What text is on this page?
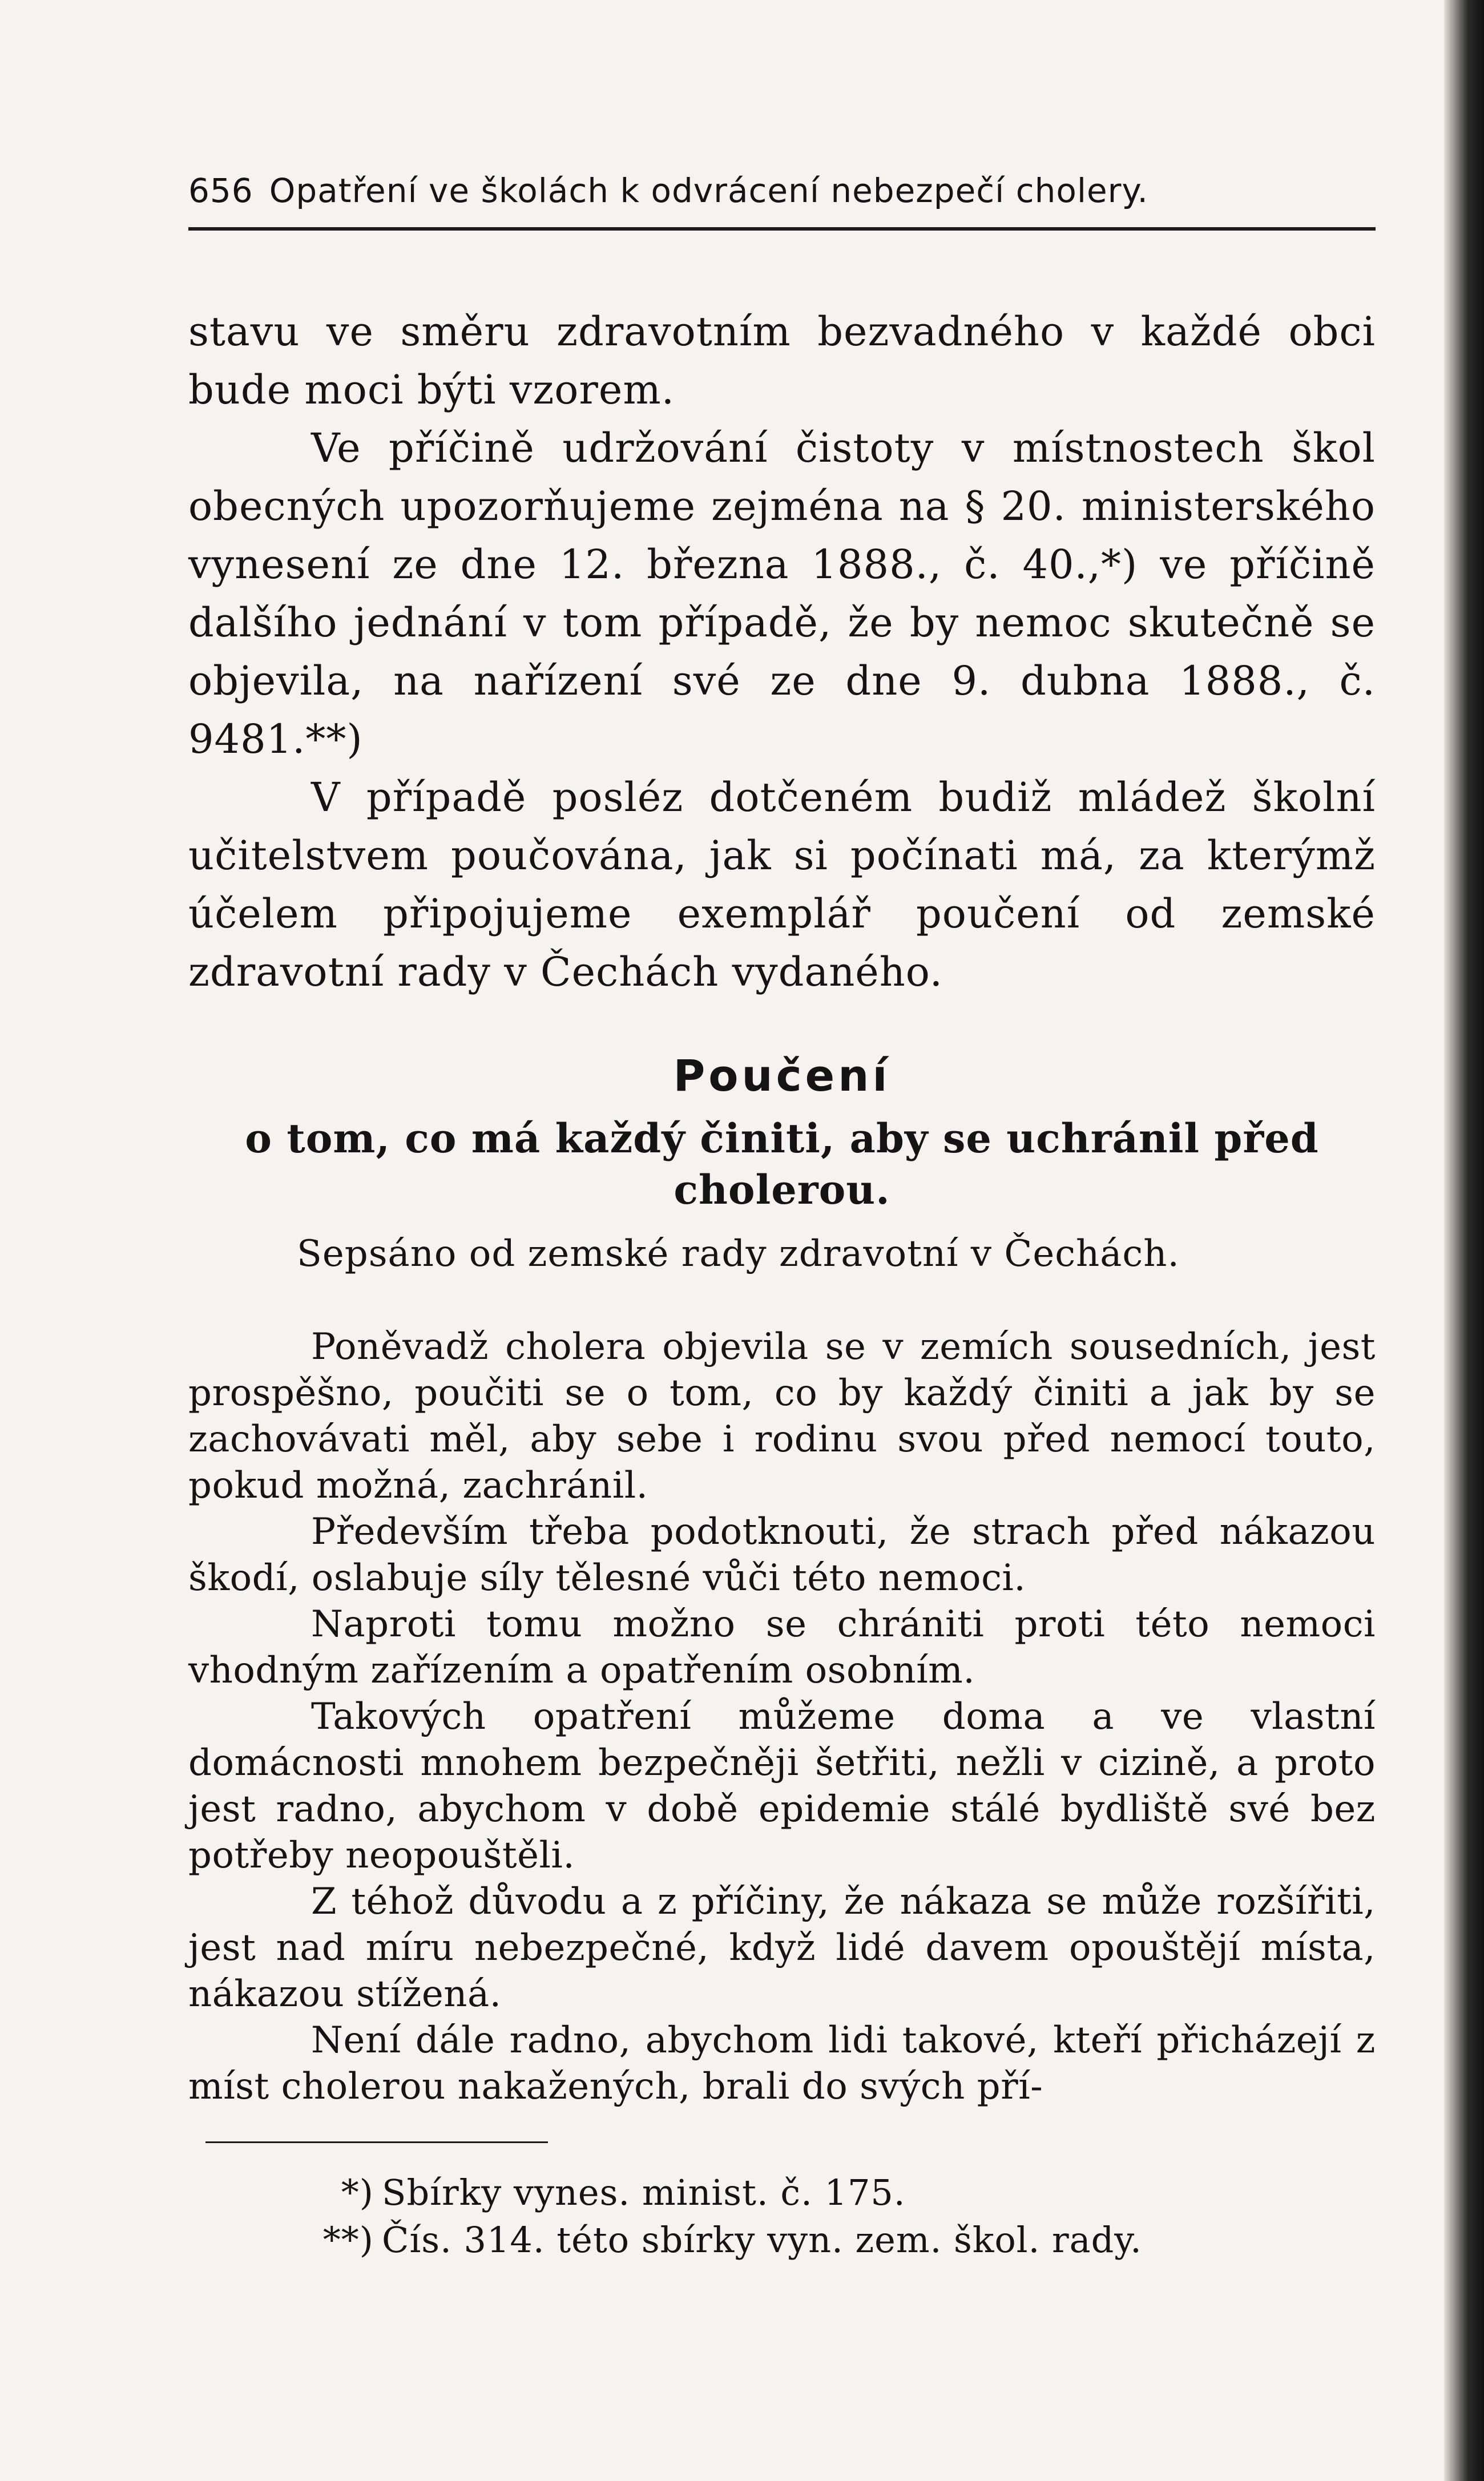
656 Opatření ve školách k odvrácení nebezpečí cholery.

stavu ve směru zdravotním bezvadného v každé obci bude moci býti vzorem.

Ve příčině udržování čistoty v místnostech škol obecných upozorňujeme zejména na § 20. ministerského vynesení ze dne 12. března 1888., č. 40.,*) ve příčině dalšího jednání v tom případě, že by nemoc skutečně se objevila, na nařízení své ze dne 9. dubna 1888., č. 9481.**)

V případě posléz dotčeném budiž mládež školní učitelstvem poučována, jak si počínati má, za kterýmž účelem připojujeme exemplář poučení od zemské zdravotní rady v Čechách vydaného.

Poučení
o tom, co má každý činiti, aby se uchránil před cholerou.
Sepsáno od zemské rady zdravotní v Čechách.

Poněvadž cholera objevila se v zemích sousedních, jest prospěšno, poučiti se o tom, co by každý činiti a jak by se zachovávati měl, aby sebe i rodinu svou před nemocí touto, pokud možná, zachránil.

Především třeba podotknouti, že strach před nákazou škodí, oslabuje síly tělesné vůči této nemoci.

Naproti tomu možno se chrániti proti této nemoci vhodným zařízením a opatřením osobním.

Takových opatření můžeme doma a ve vlastní domácnosti mnohem bezpečněji šetřiti, nežli v cizině, a proto jest radno, abychom v době epidemie stálé bydliště své bez potřeby neopouštěli.

Z téhož důvodu a z příčiny, že nákaza se může rozšířiti, jest nad míru nebezpečné, když lidé davem opouštějí místa, nákazou stížená.

Není dále radno, abychom lidi takové, kteří přicházejí z míst cholerou nakažených, brali do svých pří-

*) Sbírky vynes. minist. č. 175.
**) Čís. 314. této sbírky vyn. zem. škol. rady.
